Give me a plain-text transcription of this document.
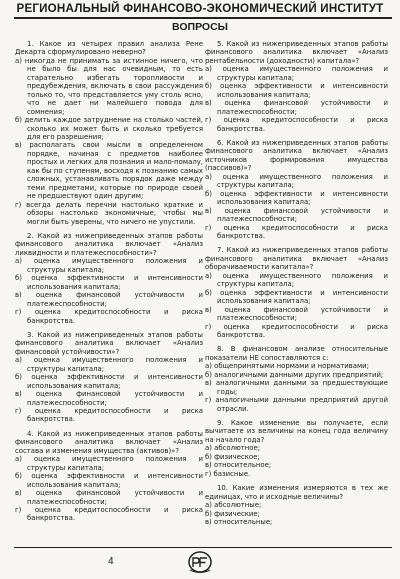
РЕГИОНАЛЬНЫЙ ФИНАНСОВО-ЭКОНОМИЧЕСКИЙ ИНСТИТУТ
ВОПРОСЫ
1. Какое из четырех правил анализа Рене Декарта сформулировано неверно?
а) никогда не принимать за истинное ничего, что не было бы для нас очевидным, то есть старательно избегать торопливости и предубеждения, включать в свои рассуждения только то, что представляется уму столь ясно, что не дает ни малейшего повода для сомнения;
б) делить каждое затруднение на столько частей, сколько их может быть и сколько требуется для его разрешения;
в) располагать свои мысли в определенном порядке, начиная с предметов наиболее простых и легких для познания и мало-помалу, как бы по ступеням, восходя к познанию самых сложных, устанавливать порядок даже между теми предметами, которые по природе своей не предшествуют один другим;
г) всегда делать перечни настолько краткие и обзоры настолько экономичные, чтобы мы могли быть уверены, что ничего не упустили.
2. Какой из нижеприведенных этапов работы финансового аналитика включает «Анализ ликвидности и платежеспособности»?
а) оценка имущественного положения и структуры капитала;
б) оценка эффективности и интенсивности использования капитала;
в) оценка финансовой устойчивости и платежеспособности;
г) оценка кредитоспособности и риска банкротства.
3. Какой из нижеприведенных этапов работы финансового аналитика включает «Анализ финансовой устойчивости»?
а) оценка имущественного положения и структуры капитала;
б) оценка эффективности и интенсивности использования капитала;
в) оценка финансовой устойчивости и платежеспособности;
г) оценка кредитоспособности и риска банкротства.
4. Какой из нижеприведенных этапов работы финансового аналитика включает «Анализ состава и изменения имущества (активов)»?
а) оценка имущественного положения и структуры капитала;
б) оценка эффективности и интенсивности использования капитала;
в) оценка финансовой устойчивости и платежеспособности;
г) оценка кредитоспособности и риска банкротства.
5. Какой из нижеприведенных этапов работы финансового аналитика включает «Анализ рентабельности (доходности) капитала»?
а) оценка имущественного положения и структуры капитала;
б) оценка эффективности и интенсивности использования капитала;
в) оценка финансовой устойчивости и платежеспособности;
г) оценка кредитоспособности и риска банкротства.
6. Какой из нижеприведенных этапов работы финансового аналитика включает «Анализ источников формирования имущества (пассивов)»?
а) оценка имущественного положения и структуры капитала;
б) оценка эффективности и интенсивности использования капитала;
в) оценка финансовой устойчивости и платежеспособности;
г) оценка кредитоспособности и риска банкротства.
7. Какой из нижеприведенных этапов работы финансового аналитика включает «Анализ оборачиваемости капитала»?
а) оценка имущественного положения и структуры капитала;
б) оценка эффективности и интенсивности использования капитала;
в) оценка финансовой устойчивости и платежеспособности;
г) оценка кредитоспособности и риска банкротства.
8. В финансовом анализе относительные показатели НЕ сопоставляются с:
а) общепринятыми нормами и нормативами;
б) аналогичными данными других предприятий;
в) аналогичными данными за предшествующие годы;
г) аналогичными данными предприятий другой отрасли.
9. Какое изменение вы получаете, если вычитаете из величины на конец года величину на начало года?
а) абсолютное;
б) физическое;
в) относительное;
г) базисные.
10. Какие изменения измеряются в тех же единицах, что и исходные величины?
а) абсолютные;
б) физические;
в) относительные;
4
